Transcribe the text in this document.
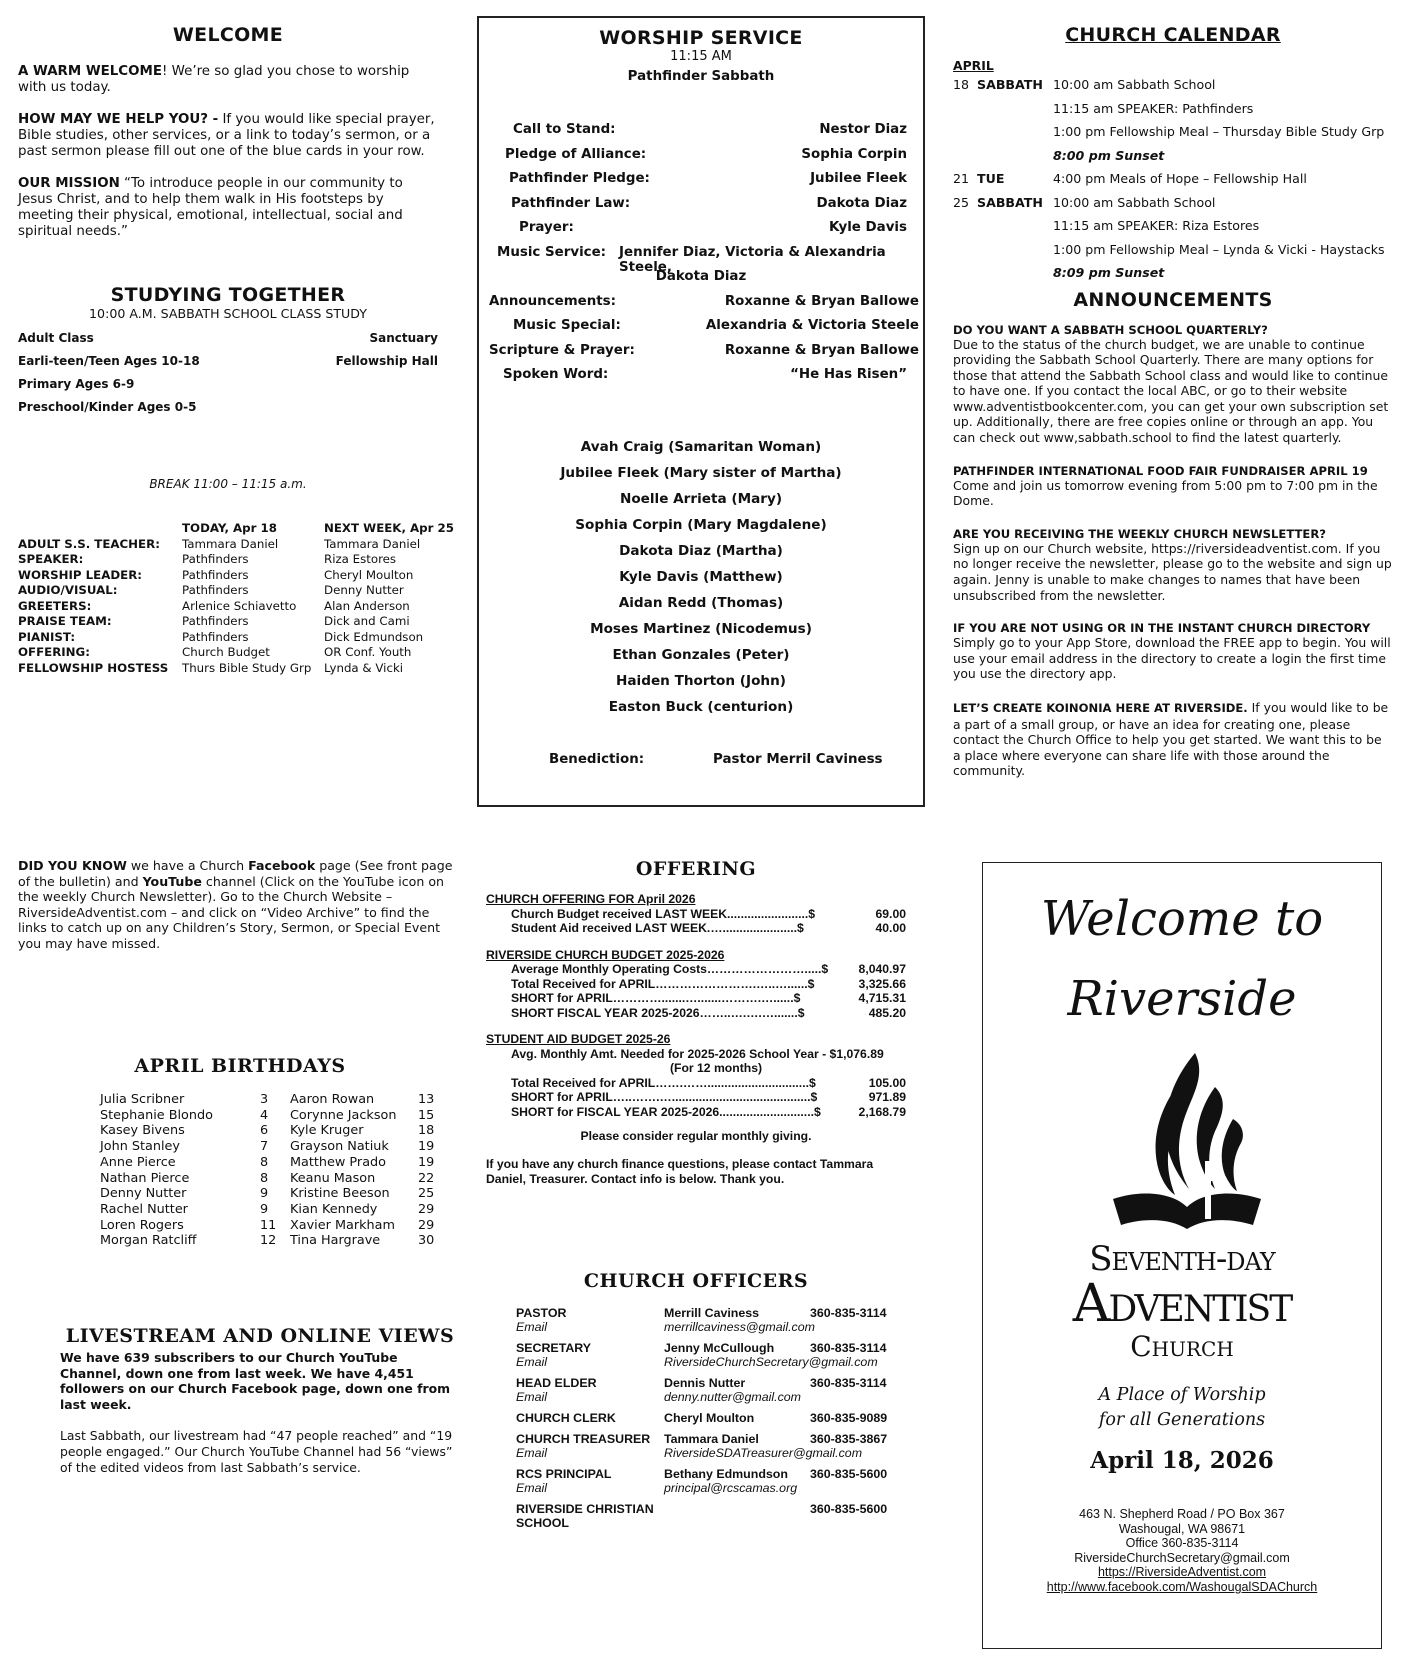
WELCOME

A WARM WELCOME! We’re so glad you chose to worship with us today.

HOW MAY WE HELP YOU? - If you would like special prayer, Bible studies, other services, or a link to today’s sermon, or a past sermon please fill out one of the blue cards in your row.

OUR MISSION “To introduce people in our community to Jesus Christ, and to help them walk in His footsteps by meeting their physical, emotional, intellectual, social and spiritual needs.”

STUDYING TOGETHER
10:00 A.M. SABBATH SCHOOL CLASS STUDY
Adult Class	Sanctuary
Earli-teen/Teen Ages 10-18	Fellowship Hall
Primary Ages 6-9
Preschool/Kinder Ages 0-5
BREAK 11:00 – 11:15 a.m.
TODAY, Apr 18	NEXT WEEK, Apr 25
ADULT S.S. TEACHER:	Tammara Daniel	Tammara Daniel
SPEAKER:	Pathfinders	Riza Estores
WORSHIP LEADER:	Pathfinders	Cheryl Moulton
AUDIO/VISUAL:	Pathfinders	Denny Nutter
GREETERS:	Arlenice Schiavetto	Alan Anderson
PRAISE TEAM:	Pathfinders	Dick and Cami
PIANIST:	Pathfinders	Dick Edmundson
OFFERING:	Church Budget	OR Conf. Youth
FELLOWSHIP HOSTESS	Thurs Bible Study Grp	Lynda & Vicki
WORSHIP SERVICE
11:15 AM
Pathfinder Sabbath
Call to Stand:	Nestor Diaz
Pledge of Alliance:	Sophia Corpin
Pathfinder Pledge:	Jubilee Fleek
Pathfinder Law:	Dakota Diaz
Prayer:	Kyle Davis
Music Service: Jennifer Diaz, Victoria & Alexandria Steele,
Dakota Diaz
Announcements:	Roxanne & Bryan Ballowe
Music Special:	Alexandria & Victoria Steele
Scripture & Prayer:	Roxanne & Bryan Ballowe
Spoken Word:	“He Has Risen”
Avah Craig (Samaritan Woman)
Jubilee Fleek (Mary sister of Martha)
Noelle Arrieta (Mary)
Sophia Corpin (Mary Magdalene)
Dakota Diaz (Martha)
Kyle Davis (Matthew)
Aidan Redd (Thomas)
Moses Martinez (Nicodemus)
Ethan Gonzales (Peter)
Haiden Thorton (John)
Easton Buck (centurion)
Benediction:	Pastor Merril Caviness
CHURCH CALENDAR
APRIL
18 SABBATH 10:00 am Sabbath School
11:15 am SPEAKER: Pathfinders
1:00 pm Fellowship Meal – Thursday Bible Study Grp
8:00 pm Sunset
21 TUE	4:00 pm Meals of Hope – Fellowship Hall
25 SABBATH 10:00 am Sabbath School
11:15 am SPEAKER: Riza Estores
1:00 pm Fellowship Meal – Lynda & Vicki - Haystacks
8:09 pm Sunset
ANNOUNCEMENTS
DO YOU WANT A SABBATH SCHOOL QUARTERLY?

Due to the status of the church budget, we are unable to continue providing the Sabbath School Quarterly. There are many options for those that attend the Sabbath School class and would like to continue to have one. If you contact the local ABC, or go to their website www.adventistbookcenter.com, you can get your own subscription set up. Additionally, there are free copies online or through an app. You can check out www,sabbath.school to find the latest quarterly.

PATHFINDER INTERNATIONAL FOOD FAIR FUNDRAISER APRIL 19

Come and join us tomorrow evening from 5:00 pm to 7:00 pm in the Dome.

ARE YOU RECEIVING THE WEEKLY CHURCH NEWSLETTER?

Sign up on our Church website, https://riversideadventist.com. If you no longer receive the newsletter, please go to the website and sign up again. Jenny is unable to make changes to names that have been unsubscribed from the newsletter.

IF YOU ARE NOT USING OR IN THE INSTANT CHURCH DIRECTORY

Simply go to your App Store, download the FREE app to begin. You will use your email address in the directory to create a login the first time you use the directory app.

LET’S CREATE KOINONIA HERE AT RIVERSIDE. If you would like to be a part of a small group, or have an idea for creating one, please contact the Church Office to help you get started. We want this to be a place where everyone can share life with those around the community.

DID YOU KNOW we have a Church Facebook page (See front page of the bulletin) and YouTube channel (Click on the YouTube icon on the weekly Church Newsletter). Go to the Church Website – RiversideAdventist.com – and click on “Video Archive” to find the links to catch up on any Children’s Story, Sermon, or Special Event you may have missed.

APRIL BIRTHDAYS
Julia Scribner	3	Aaron Rowan	13
Stephanie Blondo	4	Corynne Jackson	15
Kasey Bivens	6	Kyle Kruger	18
John Stanley	7	Grayson Natiuk	19
Anne Pierce	8	Matthew Prado	19
Nathan Pierce	8	Keanu Mason	22
Denny Nutter	9	Kristine Beeson	25
Rachel Nutter	9	Kian Kennedy	29
Loren Rogers	11	Xavier Markham	29
Morgan Ratcliff	12	Tina Hargrave	30
LIVESTREAM AND ONLINE VIEWS

We have 639 subscribers to our Church YouTube Channel, down one from last week. We have 4,451 followers on our Church Facebook page, down one from last week.

Last Sabbath, our livestream had “47 people reached” and “19 people engaged.” Our Church YouTube Channel had 56 “views” of the edited videos from last Sabbath’s service.

OFFERING
CHURCH OFFERING FOR April 2026
Church Budget received LAST WEEK........................$	69.00
Student Aid received LAST WEEK.…......................$	40.00
RIVERSIDE CHURCH BUDGET 2025-2026
Average Monthly Operating Costs…………………….....$	8,040.97
Total Received for APRIL…………………….…..…......$	3,325.66
SHORT for APRIL………….......….......……….…......$	4,715.31
SHORT FISCAL YEAR 2025-2026……..….….….......$	485.20
STUDENT AID BUDGET 2025-26
Avg. Monthly Amt. Needed for 2025-2026 School Year - $1,076.89
(For 12 months)
Total Received for APRIL…….……..............................$	105.00
SHORT for APRIL…..…….….........................................$	971.89
SHORT for FISCAL YEAR 2025-2026............................$	2,168.79
Please consider regular monthly giving.
If you have any church finance questions, please contact Tammara Daniel, Treasurer. Contact info is below. Thank you.
CHURCH OFFICERS
PASTOR	Merrill Caviness	360-835-3114
Email	merrillcaviness@gmail.com
SECRETARY	Jenny McCullough	360-835-3114
Email	RiversideChurchSecretary@gmail.com
HEAD ELDER	Dennis Nutter	360-835-3114
Email	denny.nutter@gmail.com
CHURCH CLERK	Cheryl Moulton	360-835-9089
CHURCH TREASURER	Tammara Daniel	360-835-3867
Email	RiversideSDATreasurer@gmail.com
RCS PRINCIPAL	Bethany Edmundson	360-835-5600
Email	principal@rcscamas.org
RIVERSIDE CHRISTIAN SCHOOL
360-835-5600
Welcome to
Riverside
Seventh-day
Adventist
Church
A Place of Worship
for all Generations
April 18, 2026
463 N. Shepherd Road / PO Box 367
Washougal, WA 98671
Office 360-835-3114
RiversideChurchSecretary@gmail.com
https://RiversideAdventist.com
http://www.facebook.com/WashougalSDAChurch
